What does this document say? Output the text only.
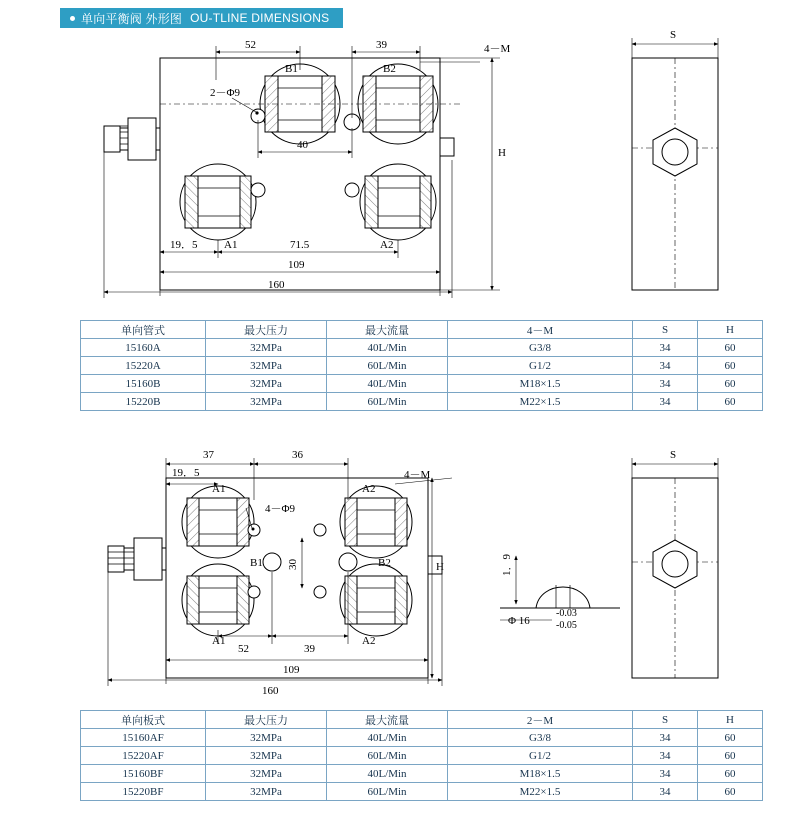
单向平衡阀 外形图 OU-TLINE DIMENSIONS
52	39	4－M
2－Φ9
B1	B2
40
H
A1	A2
19．5	71.5
109
160
S
37	36
19．5
A1	A2
4－M
4－Φ9
B1	B2
30	H
A1	A2
52	39
109
160
1．9
Φ 16
-0.03
-0.05
S
单向管式	最大压力	最大流量	4－M	S	H
15160A	32MPa	40L/Min	G3/8	34	60
15220A	32MPa	60L/Min	G1/2	34	60
15160B	32MPa	40L/Min	M18×1.5	34	60
15220B	32MPa	60L/Min	M22×1.5	34	60
单向板式	最大压力	最大流量	2－M	S	H
15160AF	32MPa	40L/Min	G3/8	34	60
15220AF	32MPa	60L/Min	G1/2	34	60
15160BF	32MPa	40L/Min	M18×1.5	34	60
15220BF	32MPa	60L/Min	M22×1.5	34	60
